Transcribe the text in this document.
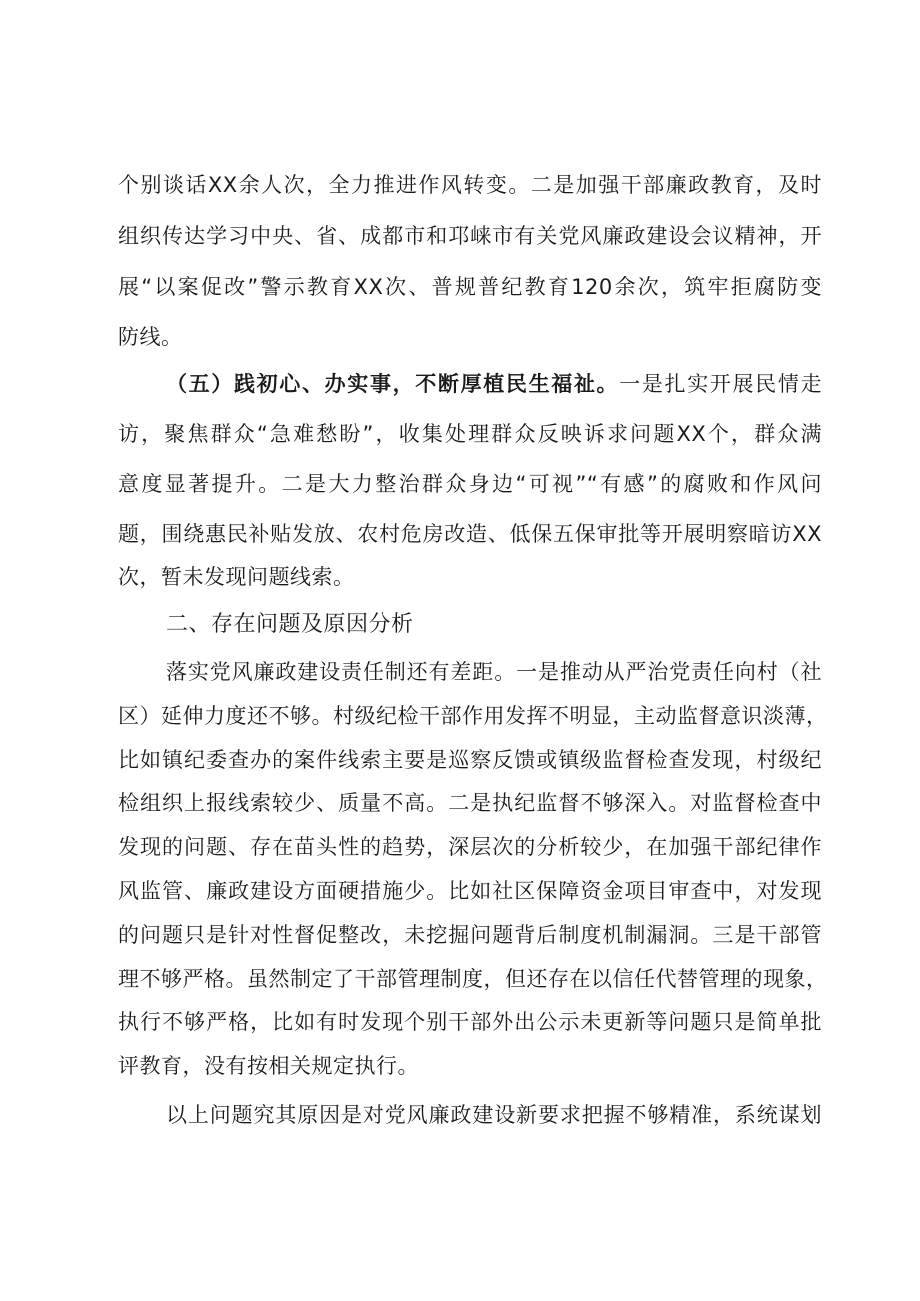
个别谈话XX余人次，全力推进作风转变。二是加强干部廉政教育，及时
组织传达学习中央、省、成都市和邛崃市有关党风廉政建设会议精神，开
展“以案促改”警示教育XX次、普规普纪教育120余次，筑牢拒腐防变
防线。
（五）践初心、办实事，不断厚植民生福祉。一是扎实开展民情走
访，聚焦群众“急难愁盼”，收集处理群众反映诉求问题XX个，群众满
意度显著提升。二是大力整治群众身边“可视”“有感”的腐败和作风问
题，围绕惠民补贴发放、农村危房改造、低保五保审批等开展明察暗访XX
次，暂未发现问题线索。
二、存在问题及原因分析
落实党风廉政建设责任制还有差距。一是推动从严治党责任向村（社
区）延伸力度还不够。村级纪检干部作用发挥不明显，主动监督意识淡薄，
比如镇纪委查办的案件线索主要是巡察反馈或镇级监督检查发现，村级纪
检组织上报线索较少、质量不高。二是执纪监督不够深入。对监督检查中
发现的问题、存在苗头性的趋势，深层次的分析较少，在加强干部纪律作
风监管、廉政建设方面硬措施少。比如社区保障资金项目审查中，对发现
的问题只是针对性督促整改，未挖掘问题背后制度机制漏洞。三是干部管
理不够严格。虽然制定了干部管理制度，但还存在以信任代替管理的现象，
执行不够严格，比如有时发现个别干部外出公示未更新等问题只是简单批
评教育，没有按相关规定执行。
以上问题究其原因是对党风廉政建设新要求把握不够精准，系统谋划
